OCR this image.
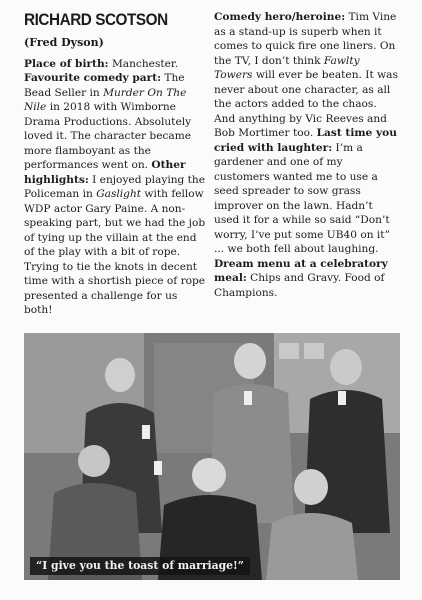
RICHARD SCOTSON
(Fred Dyson)

Place of birth: Manchester. Favourite comedy part: The Bead Seller in Murder On The Nile in 2018 with Wimborne Drama Productions. Absolutely loved it. The character became more flamboyant as the performances went on. Other highlights: I enjoyed playing the Policeman in Gaslight with fellow WDP actor Gary Paine. A non-speaking part, but we had the job of tying up the villain at the end of the play with a bit of rope. Trying to tie the knots in decent time with a shortish piece of rope presented a challenge for us both!

Comedy hero/heroine: Tim Vine as a stand-up is superb when it comes to quick fire one liners. On the TV, I don’t think Fawlty Towers will ever be beaten. It was never about one character, as all the actors added to the chaos. And anything by Vic Reeves and Bob Mortimer too. Last time you cried with laughter: I’m a gardener and one of my customers wanted me to use a seed spreader to sow grass improver on the lawn. Hadn’t used it for a while so said “Don’t worry, I’ve put some UB40 on it” ... we both fell about laughing. Dream menu at a celebratory meal: Chips and Gravy. Food of Champions.

“I give you the toast of marriage!”
